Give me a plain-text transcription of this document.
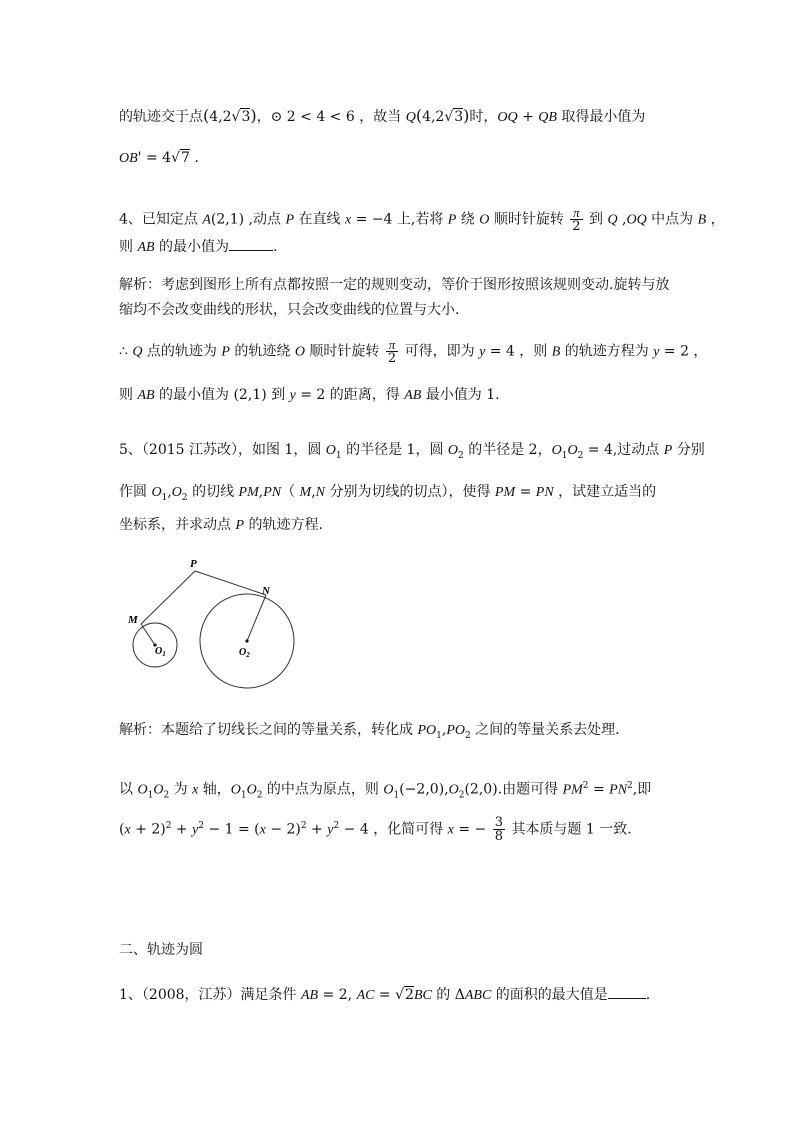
的轨迹交于点(4,2√3)，⊙ 2 < 4 < 6 ，故当 Q(4,2√3)时，OQ + QB 取得最小值为
OB' = 4√7 .
4、已知定点 A(2,1) ,动点 P 在直线 x = −4 上,若将 P 绕 O 顺时针旋转 $\frac{\pi}{2}$ 到 Q ,OQ 中点为 B ，
则 AB 的最小值为	.
解析：考虑到图形上所有点都按照一定的规则变动，等价于图形按照该规则变动.旋转与放
缩均不会改变曲线的形状，只会改变曲线的位置与大小.
∴ Q 点的轨迹为 P 的轨迹绕 O 顺时针旋转 $\frac{\pi}{2}$ 可得，即为 y = 4 ，则 B 的轨迹方程为 y = 2 ，
则 AB 的最小值为 (2,1) 到 y = 2 的距离，得 AB 最小值为 1.
5、（2015 江苏改），如图 1，圆 $O_1$ 的半径是 1，圆 $O_2$ 的半径是 2，$O_1O_2 = 4$,过动点 P 分别
作圆 $O_1,O_2$ 的切线 PM,PN（ M,N 分别为切线的切点），使得 PM = PN ，试建立适当的
坐标系，并求动点 P 的轨迹方程.
P
M
N
$O_1$	$O_2$
解析：本题给了切线长之间的等量关系，转化成 $PO_1,PO_2$ 之间的等量关系去处理.
以 $O_1O_2$ 为 x 轴，$O_1O_2$ 的中点为原点，则 $O_1(-2,0),O_2(2,0)$.由题可得 $PM^2 = PN^2$,即
$(x + 2)^2 + y^2 - 1 = (x - 2)^2 + y^2 - 4$ ，化简可得 x = − $\frac{3}{8}$ 其本质与题 1 一致.
二、轨迹为圆
1、（2008，江苏）满足条件 AB = 2, AC = √2BC 的 ΔABC 的面积的最大值是	.
